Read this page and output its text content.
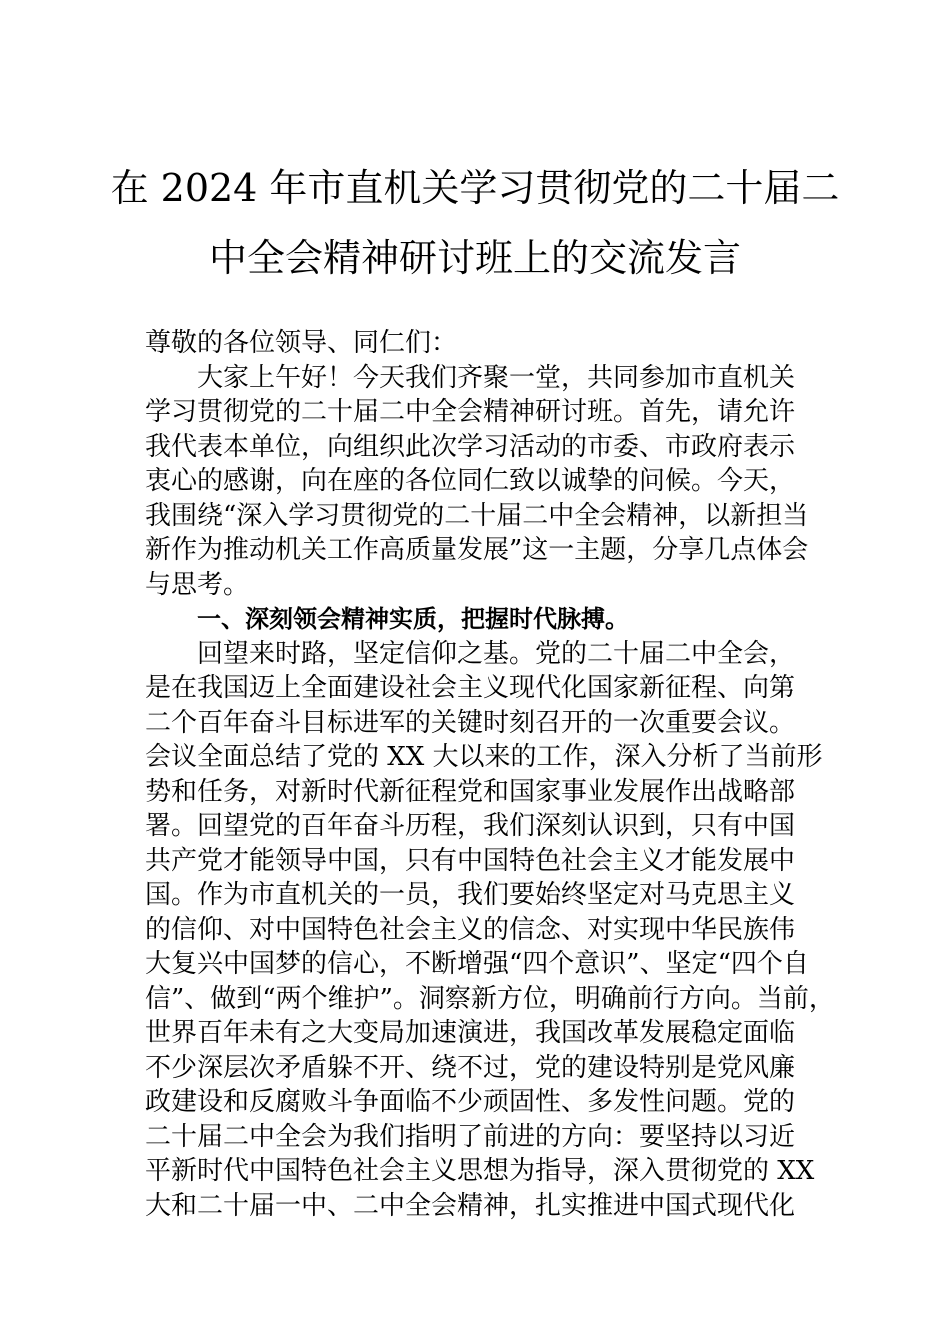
在 2024 年市直机关学习贯彻党的二十届二
中全会精神研讨班上的交流发言
尊敬的各位领导、同仁们：
大家上午好！今天我们齐聚一堂，共同参加市直机关
学习贯彻党的二十届二中全会精神研讨班。首先，请允许
我代表本单位，向组织此次学习活动的市委、市政府表示
衷心的感谢，向在座的各位同仁致以诚挚的问候。今天，
我围绕“深入学习贯彻党的二十届二中全会精神，以新担当
新作为推动机关工作高质量发展”这一主题，分享几点体会
与思考。
一、深刻领会精神实质，把握时代脉搏。
回望来时路，坚定信仰之基。党的二十届二中全会，
是在我国迈上全面建设社会主义现代化国家新征程、向第
二个百年奋斗目标进军的关键时刻召开的一次重要会议。
会议全面总结了党的 XX 大以来的工作，深入分析了当前形
势和任务，对新时代新征程党和国家事业发展作出战略部
署。回望党的百年奋斗历程，我们深刻认识到，只有中国
共产党才能领导中国，只有中国特色社会主义才能发展中
国。作为市直机关的一员，我们要始终坚定对马克思主义
的信仰、对中国特色社会主义的信念、对实现中华民族伟
大复兴中国梦的信心，不断增强“四个意识”、坚定“四个自
信”、做到“两个维护”。洞察新方位，明确前行方向。当前，
世界百年未有之大变局加速演进，我国改革发展稳定面临
不少深层次矛盾躲不开、绕不过，党的建设特别是党风廉
政建设和反腐败斗争面临不少顽固性、多发性问题。党的
二十届二中全会为我们指明了前进的方向：要坚持以习近
平新时代中国特色社会主义思想为指导，深入贯彻党的 XX
大和二十届一中、二中全会精神，扎实推进中国式现代化
